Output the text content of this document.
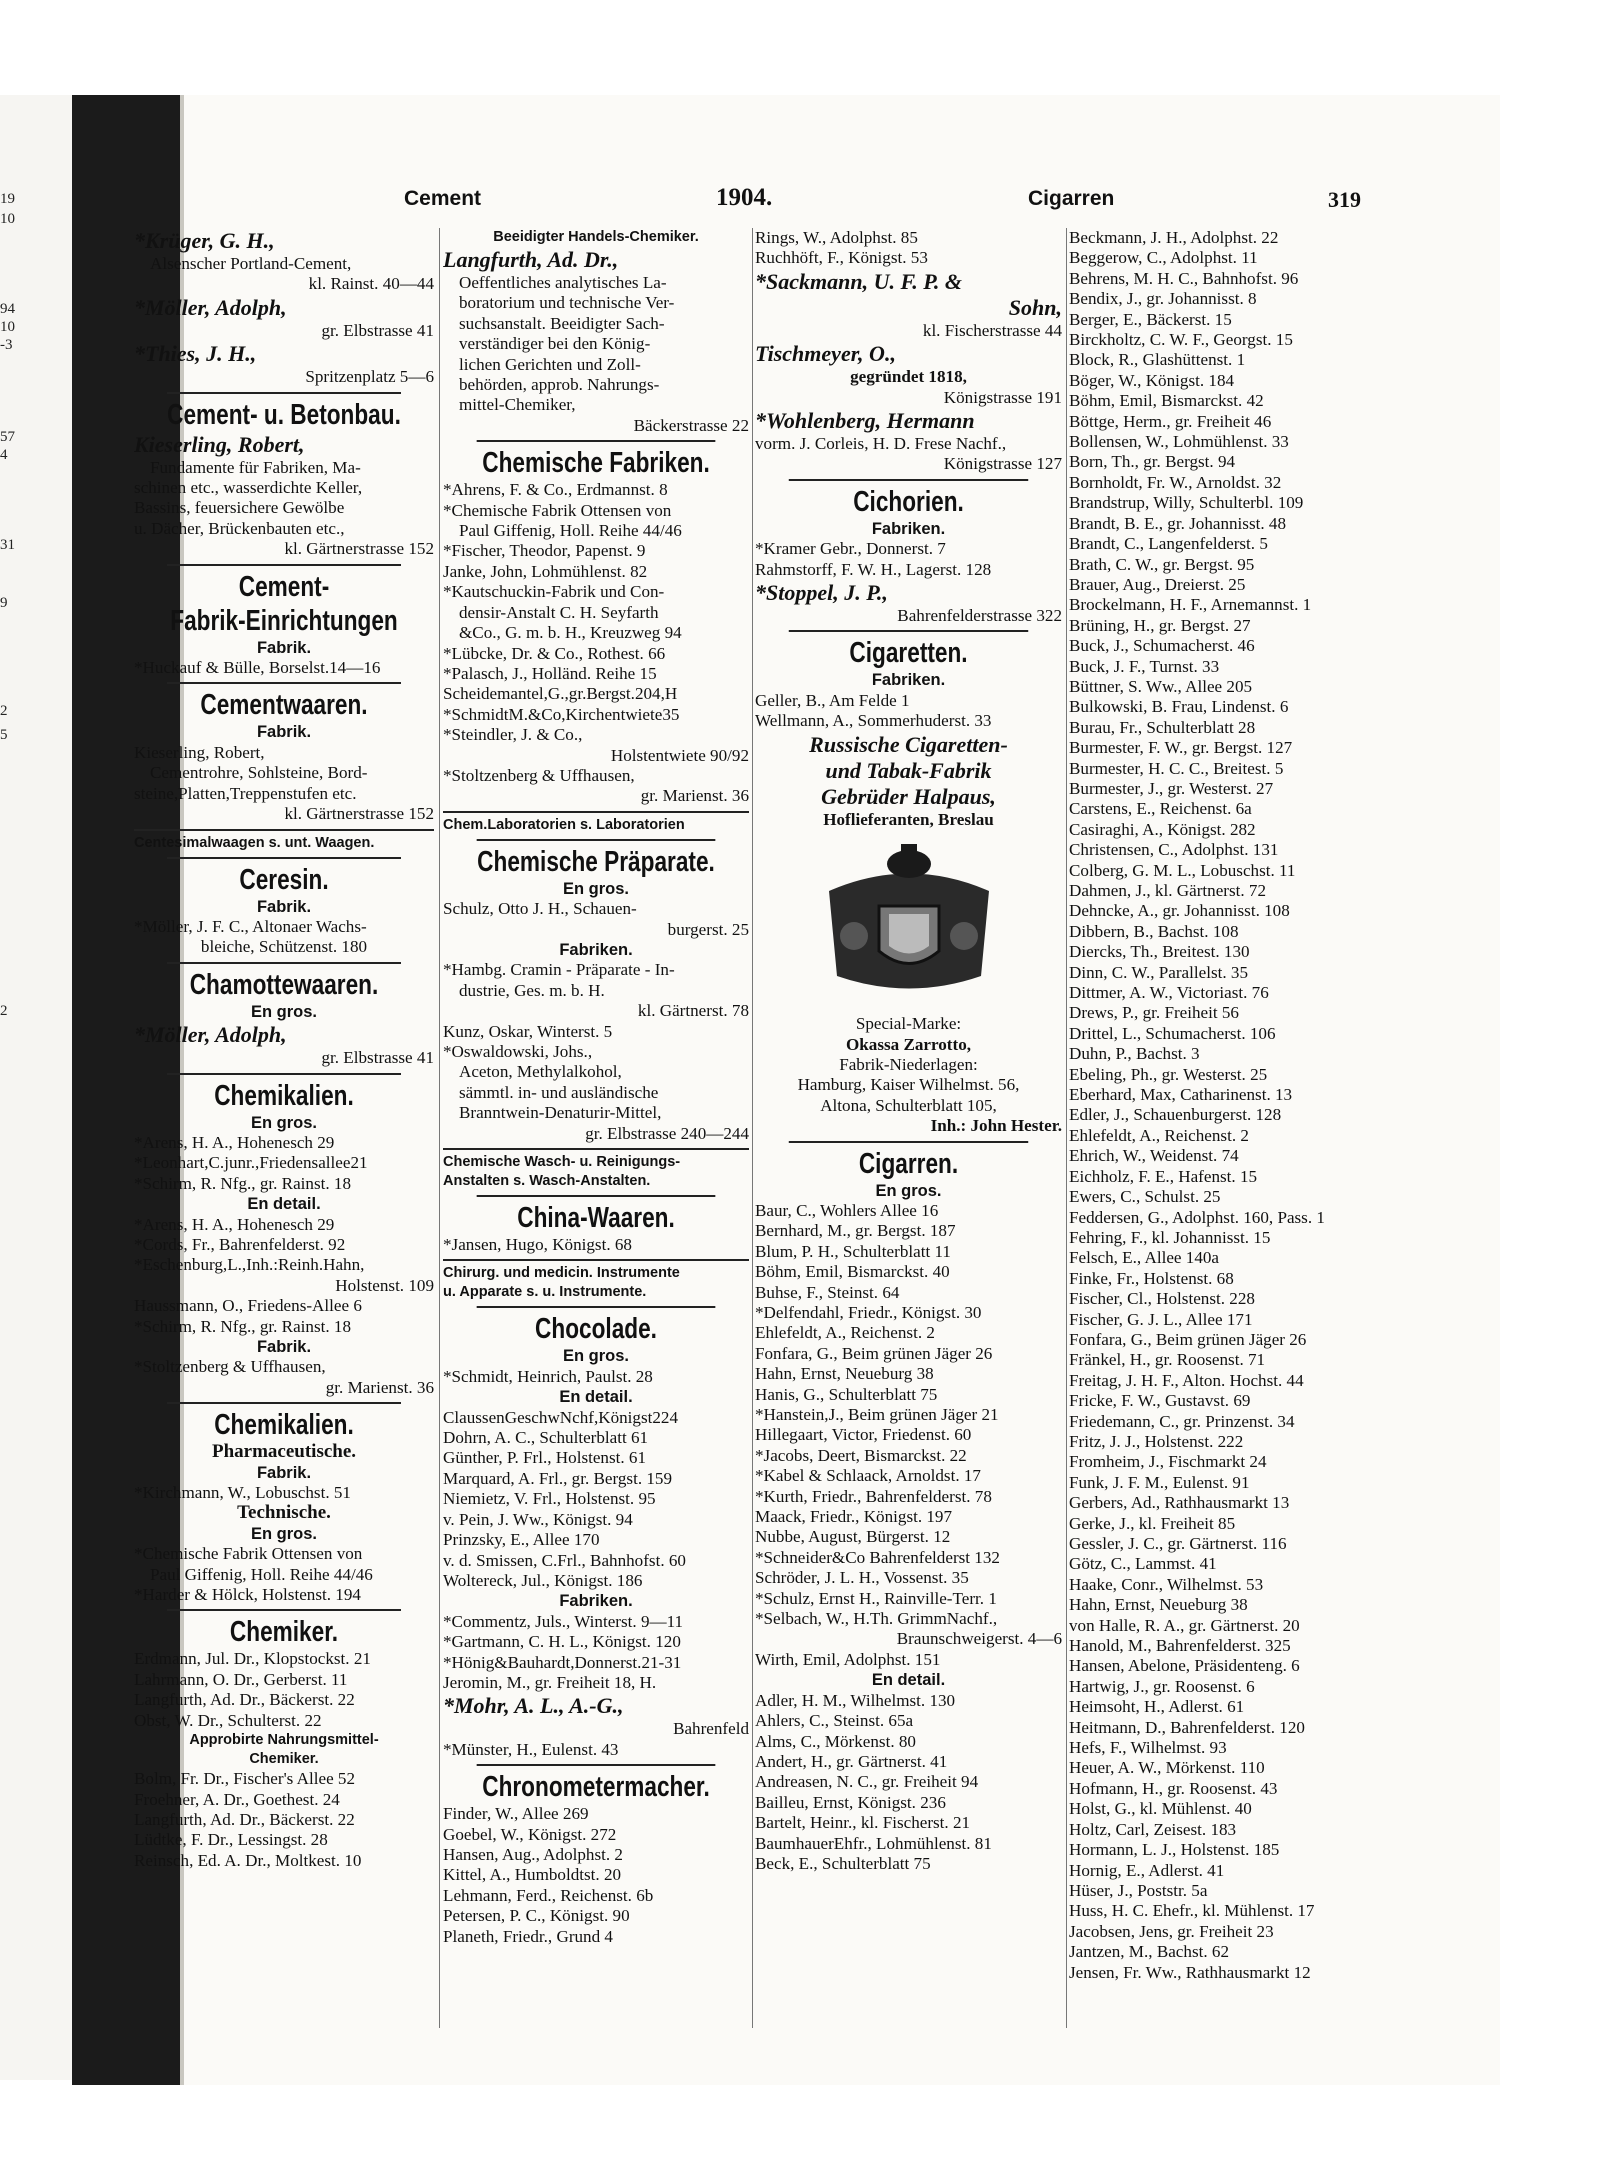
19
10
94
10
-3
57
4
31
9
2
5
2
Cement	1904.	Cigarren	319
*Krüger, G. H.,
Alsenscher Portland-Cement,
kl. Rainst. 40—44
*Möller, Adolph,
gr. Elbstrasse 41
*Thies, J. H.,
Spritzenplatz 5—6
Cement- u. Betonbau.
Kieserling, Robert,
Fundamente für Fabriken, Ma-
schinen etc., wasserdichte Keller,
Bassins, feuersichere Gewölbe
u. Dächer, Brückenbauten etc.,
kl. Gärtnerstrasse 152
Cement-
Fabrik-Einrichtungen
Fabrik.
*Huckauf & Bülle, Borselst.14—16
Cementwaaren.
Fabrik.
Kieserling, Robert,
Cementrohre, Sohlsteine, Bord-
steine,Platten,Treppenstufen etc.
kl. Gärtnerstrasse 152
Centesimalwaagen s. unt. Waagen.
Ceresin.
Fabrik.
*Möller, J. F. C., Altonaer Wachs-
bleiche, Schützenst. 180
Chamottewaaren.
En gros.
*Möller, Adolph,
gr. Elbstrasse 41
Chemikalien.
En gros.
*Arens, H. A., Hohenesch 29
*Leonhart,C.junr.,Friedensallee21
*Schirm, R. Nfg., gr. Rainst. 18
En detail.
*Arens, H. A., Hohenesch 29
*Cords, Fr., Bahrenfelderst. 92
*Eschenburg,L.,Inh.:Reinh.Hahn,
Holstenst. 109
Haussmann, O., Friedens-Allee 6
*Schirm, R. Nfg., gr. Rainst. 18
Fabrik.
*Stoltzenberg & Uffhausen,
gr. Marienst. 36
Chemikalien.
Pharmaceutische.
Fabrik.
*Kirchmann, W., Lobuschst. 51
Technische.
En gros.
*Chemische Fabrik Ottensen von
Paul Giffenig, Holl. Reihe 44/46
*Harder & Hölck, Holstenst. 194
Chemiker.
Erdmann, Jul. Dr., Klopstockst. 21
Lahrmann, O. Dr., Gerberst. 11
Langfurth, Ad. Dr., Bäckerst. 22
Obst, W. Dr., Schulterst. 22
Approbirte Nahrungsmittel-
Chemiker.
Bolm, Fr. Dr., Fischer's Allee 52
Froehner, A. Dr., Goethest. 24
Langfurth, Ad. Dr., Bäckerst. 22
Lüdtke, F. Dr., Lessingst. 28
Reinsch, Ed. A. Dr., Moltkest. 10
Beeidigter Handels-Chemiker.
Langfurth, Ad. Dr.,
Oeffentliches analytisches La-
boratorium und technische Ver-
suchsanstalt. Beeidigter Sach-
verständiger bei den König-
lichen Gerichten und Zoll-
behörden, approb. Nahrungs-
mittel-Chemiker,
Bäckerstrasse 22
Chemische Fabriken.
*Ahrens, F. & Co., Erdmannst. 8
*Chemische Fabrik Ottensen von
Paul Giffenig, Holl. Reihe 44/46
*Fischer, Theodor, Papenst. 9
Janke, John, Lohmühlenst. 82
*Kautschuckin-Fabrik und Con-
densir-Anstalt C. H. Seyfarth
&Co., G. m. b. H., Kreuzweg 94
*Lübcke, Dr. & Co., Rothest. 66
*Palasch, J., Holländ. Reihe 15
Scheidemantel,G.,gr.Bergst.204,H
*SchmidtM.&Co,Kirchentwiete35
*Steindler, J. & Co.,
Holstentwiete 90/92
*Stoltzenberg & Uffhausen,
gr. Marienst. 36
Chem.Laboratorien s. Laboratorien
Chemische Präparate.
En gros.
Schulz, Otto J. H., Schauen-
burgerst. 25
Fabriken.
*Hambg. Cramin - Präparate - In-
dustrie, Ges. m. b. H.
kl. Gärtnerst. 78
Kunz, Oskar, Winterst. 5
*Oswaldowski, Johs.,
Aceton, Methylalkohol,
sämmtl. in- und ausländische
Branntwein-Denaturir-Mittel,
gr. Elbstrasse 240—244
Chemische Wasch- u. Reinigungs-
Anstalten s. Wasch-Anstalten.
China-Waaren.
*Jansen, Hugo, Königst. 68
Chirurg. und medicin. Instrumente
u. Apparate s. u. Instrumente.
Chocolade.
En gros.
*Schmidt, Heinrich, Paulst. 28
En detail.
ClaussenGeschwNchf,Königst224
Dohrn, A. C., Schulterblatt 61
Günther, P. Frl., Holstenst. 61
Marquard, A. Frl., gr. Bergst. 159
Niemietz, V. Frl., Holstenst. 95
v. Pein, J. Ww., Königst. 94
Prinzsky, E., Allee 170
v. d. Smissen, C.Frl., Bahnhofst. 60
Woltereck, Jul., Königst. 186
Fabriken.
*Commentz, Juls., Winterst. 9—11
*Gartmann, C. H. L., Königst. 120
*Hönig&Bauhardt,Donnerst.21-31
Jeromin, M., gr. Freiheit 18, H.
*Mohr, A. L., A.-G.,
Bahrenfeld
*Münster, H., Eulenst. 43
Chronometermacher.
Finder, W., Allee 269
Goebel, W., Königst. 272
Hansen, Aug., Adolphst. 2
Kittel, A., Humboldtst. 20
Lehmann, Ferd., Reichenst. 6b
Petersen, P. C., Königst. 90
Planeth, Friedr., Grund 4
Rings, W., Adolphst. 85
Ruchhöft, F., Königst. 53
*Sackmann, U. F. P. &
Sohn,
kl. Fischerstrasse 44
Tischmeyer, O.,
gegründet 1818,
Königstrasse 191
*Wohlenberg, Hermann
vorm. J. Corleis, H. D. Frese Nachf.,
Königstrasse 127
Cichorien.
Fabriken.
*Kramer Gebr., Donnerst. 7
Rahmstorff, F. W. H., Lagerst. 128
*Stoppel, J. P.,
Bahrenfelderstrasse 322
Cigaretten.
Fabriken.
Geller, B., Am Felde 1
Wellmann, A., Sommerhuderst. 33
Russische Cigaretten-
und Tabak-Fabrik
Gebrüder Halpaus,
Hoflieferanten, Breslau
Special-Marke:
Okassa Zarrotto,
Fabrik-Niederlagen:
Hamburg, Kaiser Wilhelmst. 56,
Altona, Schulterblatt 105,
Inh.: John Hester.
Cigarren.
En gros.
Baur, C., Wohlers Allee 16
Bernhard, M., gr. Bergst. 187
Blum, P. H., Schulterblatt 11
Böhm, Emil, Bismarckst. 40
Buhse, F., Steinst. 64
*Delfendahl, Friedr., Königst. 30
Ehlefeldt, A., Reichenst. 2
Fonfara, G., Beim grünen Jäger 26
Hahn, Ernst, Neueburg 38
Hanis, G., Schulterblatt 75
*Hanstein,J., Beim grünen Jäger 21
Hillegaart, Victor, Friedenst. 60
*Jacobs, Deert, Bismarckst. 22
*Kabel & Schlaack, Arnoldst. 17
*Kurth, Friedr., Bahrenfelderst. 78
Maack, Friedr., Königst. 197
Nubbe, August, Bürgerst. 12
*Schneider&Co Bahrenfelderst 132
Schröder, J. L. H., Vossenst. 35
*Schulz, Ernst H., Rainville-Terr. 1
*Selbach, W., H.Th. GrimmNachf.,
Braunschweigerst. 4—6
Wirth, Emil, Adolphst. 151
En detail.
Adler, H. M., Wilhelmst. 130
Ahlers, C., Steinst. 65a
Alms, C., Mörkenst. 80
Andert, H., gr. Gärtnerst. 41
Andreasen, N. C., gr. Freiheit 94
Bailleu, Ernst, Königst. 236
Bartelt, Heinr., kl. Fischerst. 21
BaumhauerEhfr., Lohmühlenst. 81
Beck, E., Schulterblatt 75
Beckmann, J. H., Adolphst. 22
Beggerow, C., Adolphst. 11
Behrens, M. H. C., Bahnhofst. 96
Bendix, J., gr. Johannisst. 8
Berger, E., Bäckerst. 15
Birckholtz, C. W. F., Georgst. 15
Block, R., Glashüttenst. 1
Böger, W., Königst. 184
Böhm, Emil, Bismarckst. 42
Böttge, Herm., gr. Freiheit 46
Bollensen, W., Lohmühlenst. 33
Born, Th., gr. Bergst. 94
Bornholdt, Fr. W., Arnoldst. 32
Brandstrup, Willy, Schulterbl. 109
Brandt, B. E., gr. Johannisst. 48
Brandt, C., Langenfelderst. 5
Brath, C. W., gr. Bergst. 95
Brauer, Aug., Dreierst. 25
Brockelmann, H. F., Arnemannst. 1
Brüning, H., gr. Bergst. 27
Buck, J., Schumacherst. 46
Buck, J. F., Turnst. 33
Büttner, S. Ww., Allee 205
Bulkowski, B. Frau, Lindenst. 6
Burau, Fr., Schulterblatt 28
Burmester, F. W., gr. Bergst. 127
Burmester, H. C. C., Breitest. 5
Burmester, J., gr. Westerst. 27
Carstens, E., Reichenst. 6a
Casiraghi, A., Königst. 282
Christensen, C., Adolphst. 131
Colberg, G. M. L., Lobuschst. 11
Dahmen, J., kl. Gärtnerst. 72
Dehncke, A., gr. Johannisst. 108
Dibbern, B., Bachst. 108
Diercks, Th., Breitest. 130
Dinn, C. W., Parallelst. 35
Dittmer, A. W., Victoriast. 76
Drews, P., gr. Freiheit 56
Drittel, L., Schumacherst. 106
Duhn, P., Bachst. 3
Ebeling, Ph., gr. Westerst. 25
Eberhard, Max, Catharinenst. 13
Edler, J., Schauenburgerst. 128
Ehlefeldt, A., Reichenst. 2
Ehrich, W., Weidenst. 74
Eichholz, F. E., Hafenst. 15
Ewers, C., Schulst. 25
Feddersen, G., Adolphst. 160, Pass. 1
Fehring, F., kl. Johannisst. 15
Felsch, E., Allee 140a
Finke, Fr., Holstenst. 68
Fischer, Cl., Holstenst. 228
Fischer, G. J. L., Allee 171
Fonfara, G., Beim grünen Jäger 26
Fränkel, H., gr. Roosenst. 71
Freitag, J. H. F., Alton. Hochst. 44
Fricke, F. W., Gustavst. 69
Friedemann, C., gr. Prinzenst. 34
Fritz, J. J., Holstenst. 222
Fromheim, J., Fischmarkt 24
Funk, J. F. M., Eulenst. 91
Gerbers, Ad., Rathhausmarkt 13
Gerke, J., kl. Freiheit 85
Gessler, J. C., gr. Gärtnerst. 116
Götz, C., Lammst. 41
Haake, Conr., Wilhelmst. 53
Hahn, Ernst, Neueburg 38
von Halle, R. A., gr. Gärtnerst. 20
Hanold, M., Bahrenfelderst. 325
Hansen, Abelone, Präsidenteng. 6
Hartwig, J., gr. Roosenst. 6
Heimsoht, H., Adlerst. 61
Heitmann, D., Bahrenfelderst. 120
Hefs, F., Wilhelmst. 93
Heuer, A. W., Mörkenst. 110
Hofmann, H., gr. Roosenst. 43
Holst, G., kl. Mühlenst. 40
Holtz, Carl, Zeisest. 183
Hormann, L. J., Holstenst. 185
Hornig, E., Adlerst. 41
Hüser, J., Poststr. 5a
Huss, H. C. Ehefr., kl. Mühlenst. 17
Jacobsen, Jens, gr. Freiheit 23
Jantzen, M., Bachst. 62
Jensen, Fr. Ww., Rathhausmarkt 12
